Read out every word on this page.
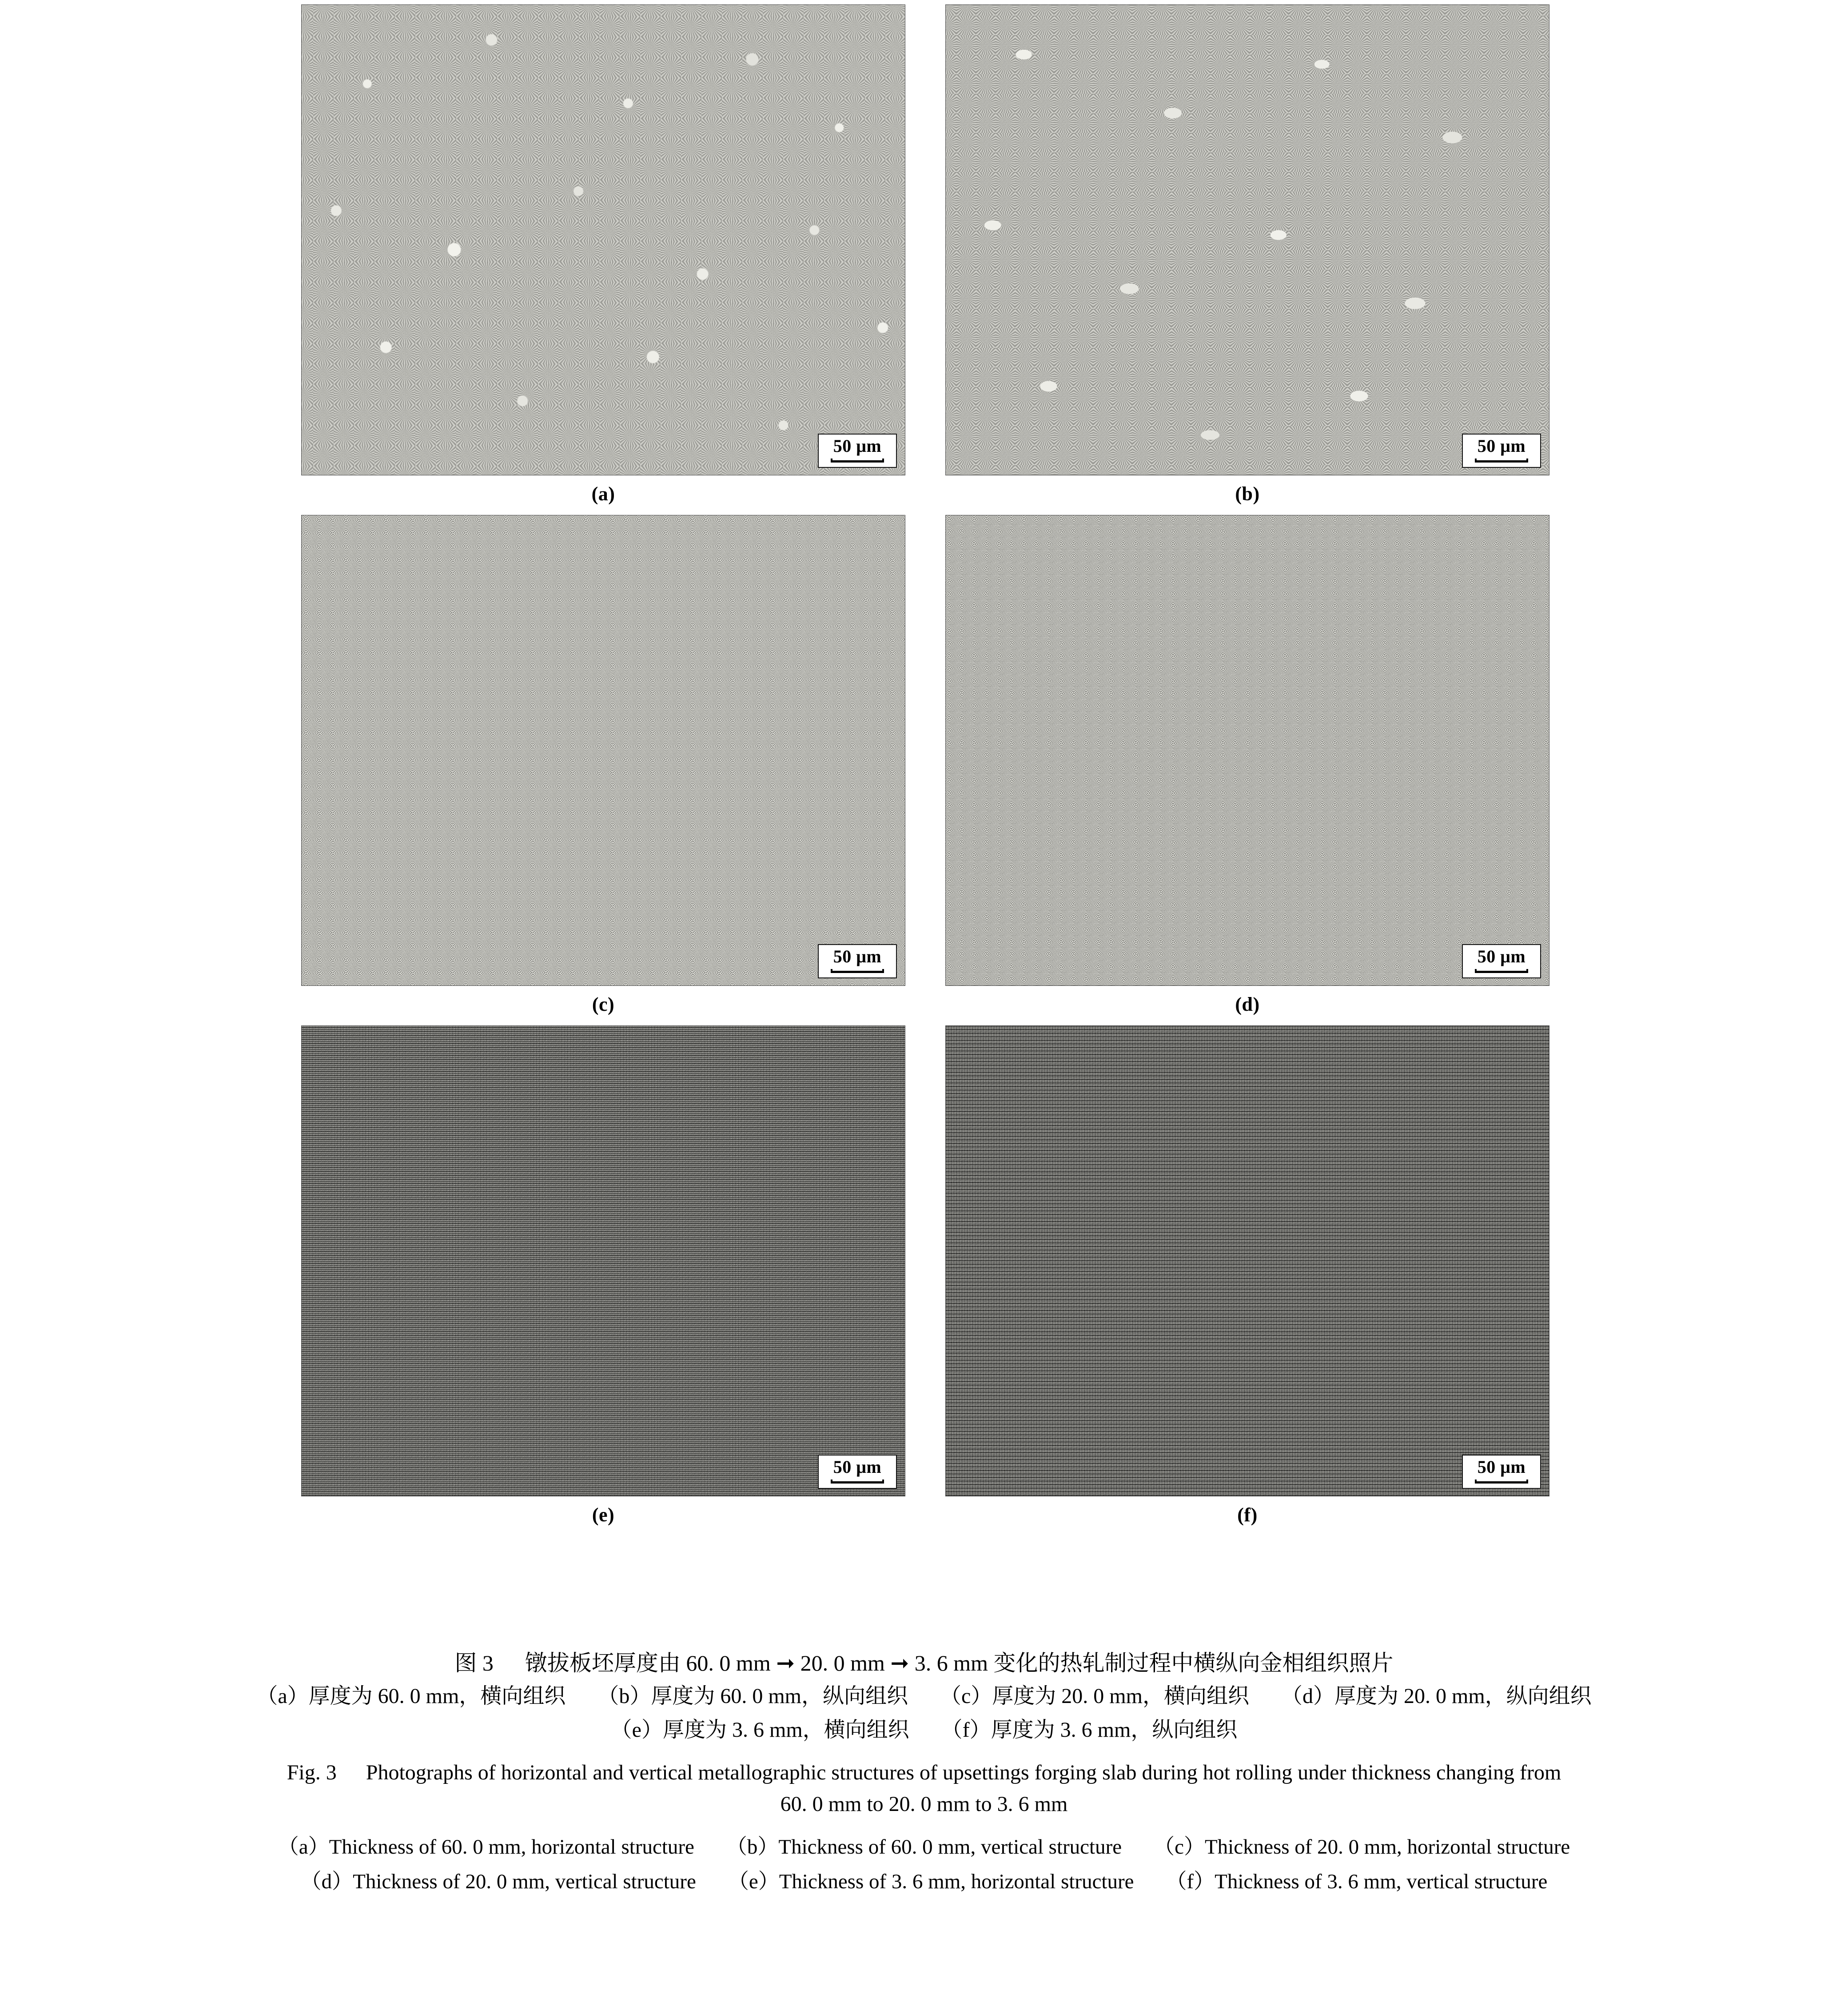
50 μm
(a)
50 μm
(b)
50 μm
(c)
50 μm
(d)
50 μm
(e)
50 μm
(f)
图 3 镦拔板坯厚度由 60. 0 mm ➞ 20. 0 mm ➞ 3. 6 mm 变化的热轧制过程中横纵向金相组织照片
（a）厚度为 60. 0 mm，横向组织 （b）厚度为 60. 0 mm，纵向组织 （c）厚度为 20. 0 mm，横向组织 （d）厚度为 20. 0 mm，纵向组织
（e）厚度为 3. 6 mm，横向组织 （f）厚度为 3. 6 mm，纵向组织
Fig. 3 Photographs of horizontal and vertical metallographic structures of upsettings forging slab during hot rolling under thickness changing from
60. 0 mm to 20. 0 mm to 3. 6 mm
（a）Thickness of 60. 0 mm, horizontal structure （b）Thickness of 60. 0 mm, vertical structure （c）Thickness of 20. 0 mm, horizontal structure
（d）Thickness of 20. 0 mm, vertical structure （e）Thickness of 3. 6 mm, horizontal structure （f）Thickness of 3. 6 mm, vertical structure
